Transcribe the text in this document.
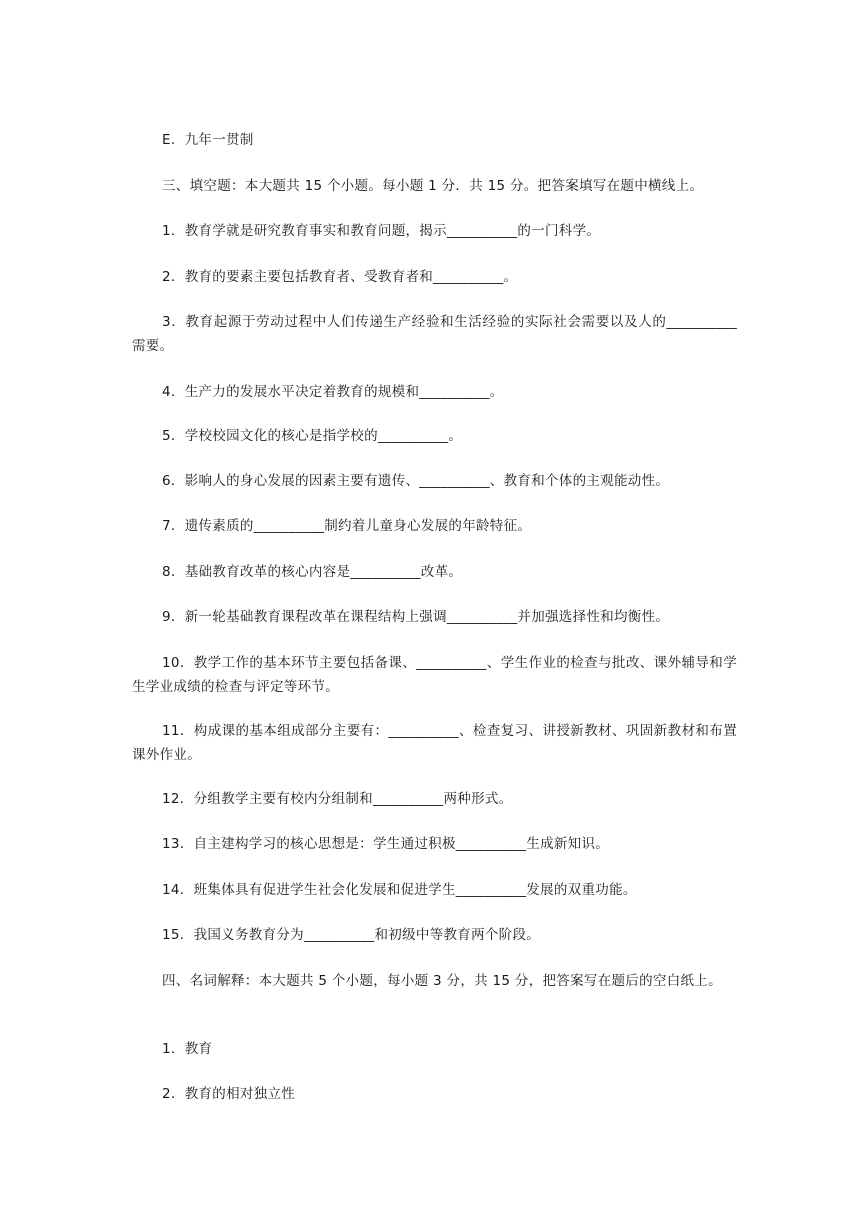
E．九年一贯制

三、填空题：本大题共 15 个小题。每小题 1 分．共 15 分。把答案填写在题中横线上。

1．教育学就是研究教育事实和教育问题，揭示__________的一门科学。

2．教育的要素主要包括教育者、受教育者和__________。

3．教育起源于劳动过程中人们传递生产经验和生活经验的实际社会需要以及人的__________需要。

4．生产力的发展水平决定着教育的规模和__________。

5．学校校园文化的核心是指学校的__________。

6．影响人的身心发展的因素主要有遗传、__________、教育和个体的主观能动性。

7．遗传素质的__________制约着儿童身心发展的年龄特征。

8．基础教育改革的核心内容是__________改革。

9．新一轮基础教育课程改革在课程结构上强调__________并加强选择性和均衡性。

10．教学工作的基本环节主要包括备课、__________、学生作业的检查与批改、课外辅导和学生学业成绩的检查与评定等环节。

11．构成课的基本组成部分主要有：__________、检查复习、讲授新教材、巩固新教材和布置课外作业。

12．分组教学主要有校内分组制和__________两种形式。

13．自主建构学习的核心思想是：学生通过积极__________生成新知识。

14．班集体具有促进学生社会化发展和促进学生__________发展的双重功能。

15．我国义务教育分为__________和初级中等教育两个阶段。

四、名词解释：本大题共 5 个小题，每小题 3 分，共 15 分，把答案写在题后的空白纸上。

1．教育

2．教育的相对独立性
